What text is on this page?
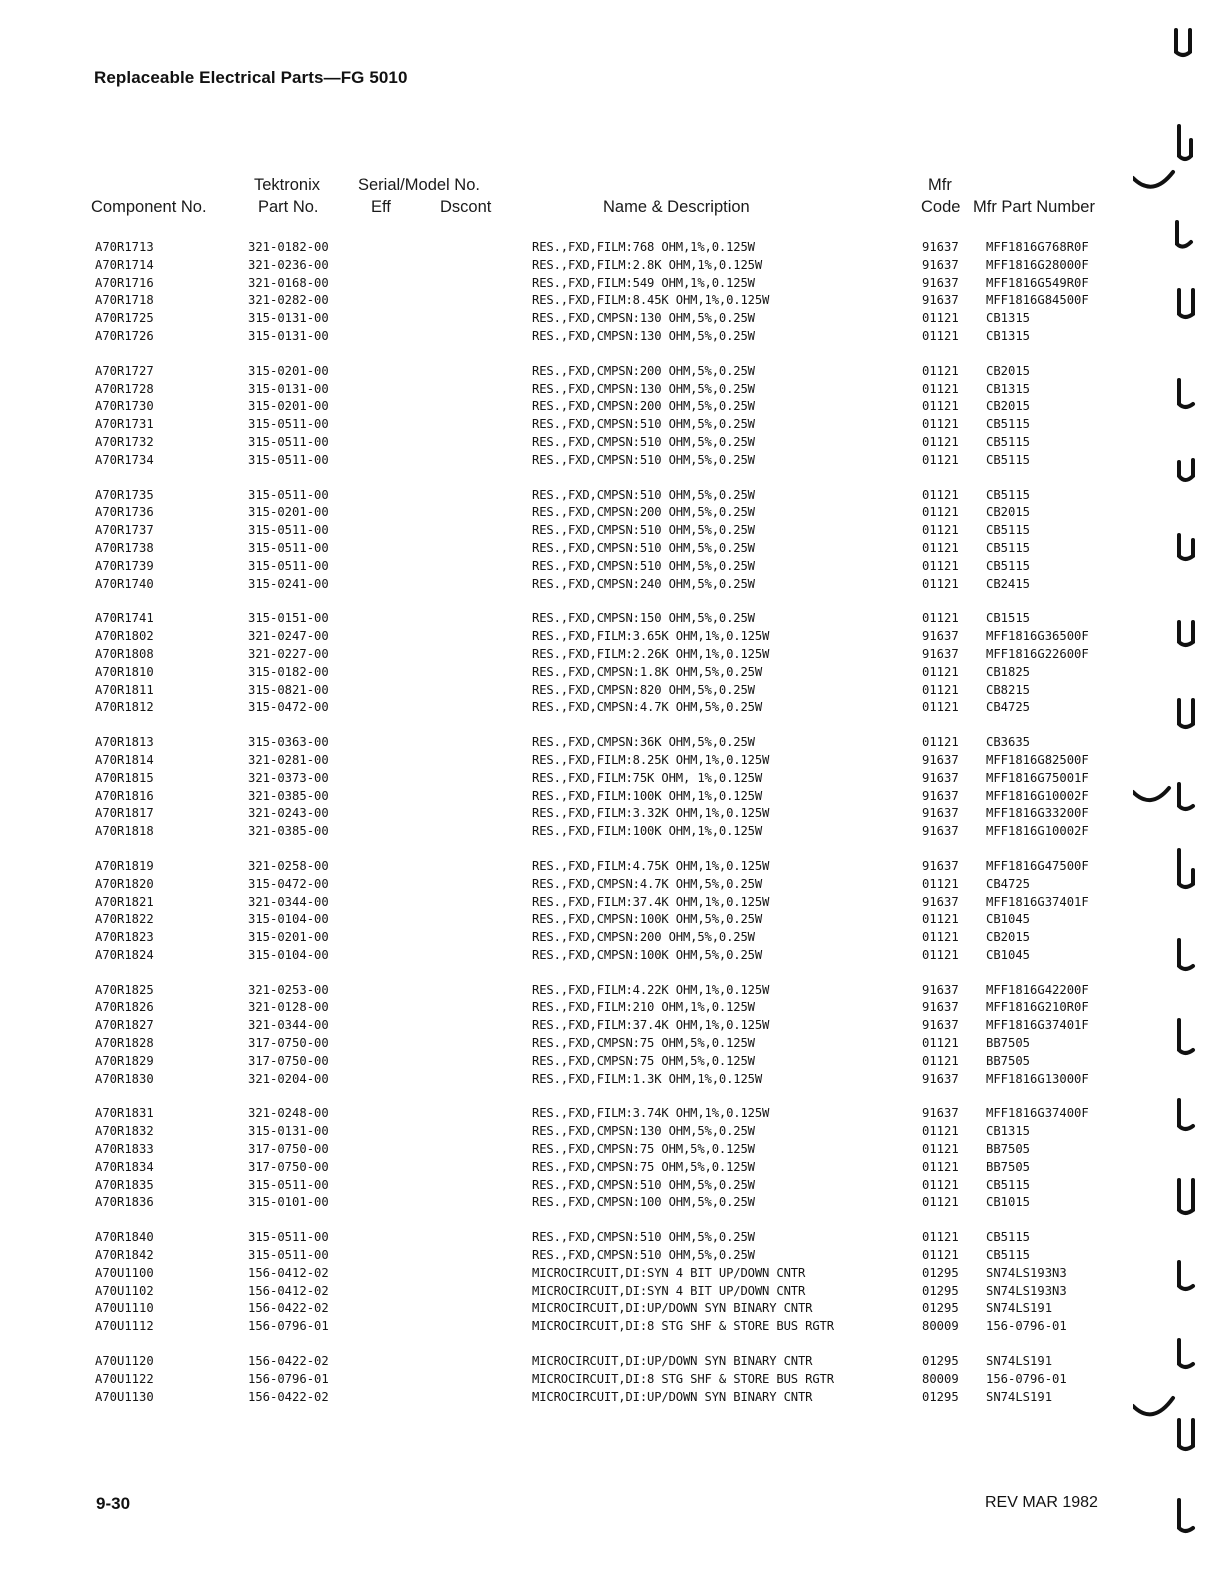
Replaceable Electrical Parts—FG 5010
Component No.
Tektronix
Part No.
Serial/Model No.
Eff	Dscont	Name & Description
Mfr
Code Mfr Part Number
A70R1713	321-0182-00	RES.,FXD,FILM:768 OHM,1%,0.125W	91637 MFF1816G768R0F
A70R1714	321-0236-00	RES.,FXD,FILM:2.8K OHM,1%,0.125W	91637 MFF1816G28000F
A70R1716	321-0168-00	RES.,FXD,FILM:549 OHM,1%,0.125W	91637 MFF1816G549R0F
A70R1718	321-0282-00	RES.,FXD,FILM:8.45K OHM,1%,0.125W	91637 MFF1816G84500F
A70R1725	315-0131-00	RES.,FXD,CMPSN:130 OHM,5%,0.25W	01121 CB1315
A70R1726	315-0131-00	RES.,FXD,CMPSN:130 OHM,5%,0.25W	01121 CB1315
A70R1727	315-0201-00	RES.,FXD,CMPSN:200 OHM,5%,0.25W	01121 CB2015
A70R1728	315-0131-00	RES.,FXD,CMPSN:130 OHM,5%,0.25W	01121 CB1315
A70R1730	315-0201-00	RES.,FXD,CMPSN:200 OHM,5%,0.25W	01121 CB2015
A70R1731	315-0511-00	RES.,FXD,CMPSN:510 OHM,5%,0.25W	01121 CB5115
A70R1732	315-0511-00	RES.,FXD,CMPSN:510 OHM,5%,0.25W	01121 CB5115
A70R1734	315-0511-00	RES.,FXD,CMPSN:510 OHM,5%,0.25W	01121 CB5115
A70R1735	315-0511-00	RES.,FXD,CMPSN:510 OHM,5%,0.25W	01121 CB5115
A70R1736	315-0201-00	RES.,FXD,CMPSN:200 OHM,5%,0.25W	01121 CB2015
A70R1737	315-0511-00	RES.,FXD,CMPSN:510 OHM,5%,0.25W	01121 CB5115
A70R1738	315-0511-00	RES.,FXD,CMPSN:510 OHM,5%,0.25W	01121 CB5115
A70R1739	315-0511-00	RES.,FXD,CMPSN:510 OHM,5%,0.25W	01121 CB5115
A70R1740	315-0241-00	RES.,FXD,CMPSN:240 OHM,5%,0.25W	01121 CB2415
A70R1741	315-0151-00	RES.,FXD,CMPSN:150 OHM,5%,0.25W	01121 CB1515
A70R1802	321-0247-00	RES.,FXD,FILM:3.65K OHM,1%,0.125W	91637 MFF1816G36500F
A70R1808	321-0227-00	RES.,FXD,FILM:2.26K OHM,1%,0.125W	91637 MFF1816G22600F
A70R1810	315-0182-00	RES.,FXD,CMPSN:1.8K OHM,5%,0.25W	01121 CB1825
A70R1811	315-0821-00	RES.,FXD,CMPSN:820 OHM,5%,0.25W	01121 CB8215
A70R1812	315-0472-00	RES.,FXD,CMPSN:4.7K OHM,5%,0.25W	01121 CB4725
A70R1813	315-0363-00	RES.,FXD,CMPSN:36K OHM,5%,0.25W	01121 CB3635
A70R1814	321-0281-00	RES.,FXD,FILM:8.25K OHM,1%,0.125W	91637 MFF1816G82500F
A70R1815	321-0373-00	RES.,FXD,FILM:75K OHM, 1%,0.125W	91637 MFF1816G75001F
A70R1816	321-0385-00	RES.,FXD,FILM:100K OHM,1%,0.125W	91637 MFF1816G10002F
A70R1817	321-0243-00	RES.,FXD,FILM:3.32K OHM,1%,0.125W	91637 MFF1816G33200F
A70R1818	321-0385-00	RES.,FXD,FILM:100K OHM,1%,0.125W	91637 MFF1816G10002F
A70R1819	321-0258-00	RES.,FXD,FILM:4.75K OHM,1%,0.125W	91637 MFF1816G47500F
A70R1820	315-0472-00	RES.,FXD,CMPSN:4.7K OHM,5%,0.25W	01121 CB4725
A70R1821	321-0344-00	RES.,FXD,FILM:37.4K OHM,1%,0.125W	91637 MFF1816G37401F
A70R1822	315-0104-00	RES.,FXD,CMPSN:100K OHM,5%,0.25W	01121 CB1045
A70R1823	315-0201-00	RES.,FXD,CMPSN:200 OHM,5%,0.25W	01121 CB2015
A70R1824	315-0104-00	RES.,FXD,CMPSN:100K OHM,5%,0.25W	01121 CB1045
A70R1825	321-0253-00	RES.,FXD,FILM:4.22K OHM,1%,0.125W	91637 MFF1816G42200F
A70R1826	321-0128-00	RES.,FXD,FILM:210 OHM,1%,0.125W	91637 MFF1816G210R0F
A70R1827	321-0344-00	RES.,FXD,FILM:37.4K OHM,1%,0.125W	91637 MFF1816G37401F
A70R1828	317-0750-00	RES.,FXD,CMPSN:75 OHM,5%,0.125W	01121 BB7505
A70R1829	317-0750-00	RES.,FXD,CMPSN:75 OHM,5%,0.125W	01121 BB7505
A70R1830	321-0204-00	RES.,FXD,FILM:1.3K OHM,1%,0.125W	91637 MFF1816G13000F
A70R1831	321-0248-00	RES.,FXD,FILM:3.74K OHM,1%,0.125W	91637 MFF1816G37400F
A70R1832	315-0131-00	RES.,FXD,CMPSN:130 OHM,5%,0.25W	01121 CB1315
A70R1833	317-0750-00	RES.,FXD,CMPSN:75 OHM,5%,0.125W	01121 BB7505
A70R1834	317-0750-00	RES.,FXD,CMPSN:75 OHM,5%,0.125W	01121 BB7505
A70R1835	315-0511-00	RES.,FXD,CMPSN:510 OHM,5%,0.25W	01121 CB5115
A70R1836	315-0101-00	RES.,FXD,CMPSN:100 OHM,5%,0.25W	01121 CB1015
A70R1840	315-0511-00	RES.,FXD,CMPSN:510 OHM,5%,0.25W	01121 CB5115
A70R1842	315-0511-00	RES.,FXD,CMPSN:510 OHM,5%,0.25W	01121 CB5115
A70U1100	156-0412-02	MICROCIRCUIT,DI:SYN 4 BIT UP/DOWN CNTR	01295 SN74LS193N3
A70U1102	156-0412-02	MICROCIRCUIT,DI:SYN 4 BIT UP/DOWN CNTR	01295 SN74LS193N3
A70U1110	156-0422-02	MICROCIRCUIT,DI:UP/DOWN SYN BINARY CNTR	01295 SN74LS191
A70U1112	156-0796-01	MICROCIRCUIT,DI:8 STG SHF & STORE BUS RGTR	80009 156-0796-01
A70U1120	156-0422-02	MICROCIRCUIT,DI:UP/DOWN SYN BINARY CNTR	01295 SN74LS191
A70U1122	156-0796-01	MICROCIRCUIT,DI:8 STG SHF & STORE BUS RGTR	80009 156-0796-01
A70U1130	156-0422-02	MICROCIRCUIT,DI:UP/DOWN SYN BINARY CNTR	01295 SN74LS191
9-30	REV MAR 1982
